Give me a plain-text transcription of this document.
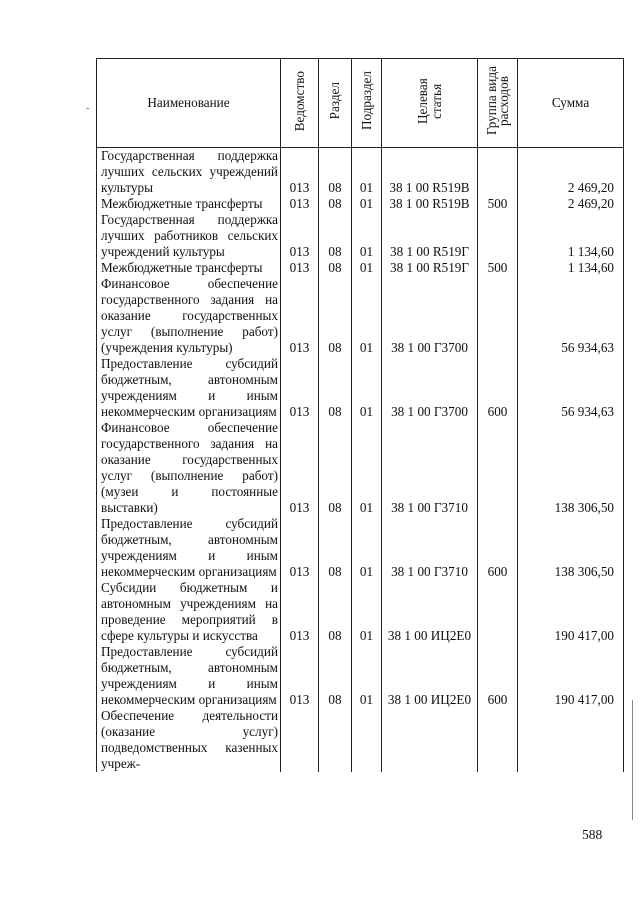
Наименование	Ведомство	Раздел	Подраздел	Целевая статья	Группа вида расходов	Сумма
Государственная поддержка лучших сельских учреждений культуры	013	08	01	38 1 00 R519В		2 469,20
Межбюджетные трансферты	013	08	01	38 1 00 R519В	500	2 469,20
Государственная поддержка лучших работников сельских учреждений культуры	013	08	01	38 1 00 R519Г		1 134,60
Межбюджетные трансферты	013	08	01	38 1 00 R519Г	500	1 134,60
Финансовое обеспечение государственного задания на оказание государственных услуг (выполнение работ) (учреждения культуры)	013	08	01	38 1 00 Г3700		56 934,63
Предоставление субсидий бюджетным, автономным учреждениям и иным некоммерческим организациям	013	08	01	38 1 00 Г3700	600	56 934,63
Финансовое обеспечение государственного задания на оказание государственных услуг (выполнение работ) (музеи и постоянные выставки)	013	08	01	38 1 00 Г3710		138 306,50
Предоставление субсидий бюджетным, автономным учреждениям и иным некоммерческим организациям	013	08	01	38 1 00 Г3710	600	138 306,50
Субсидии бюджетным и автономным учреждениям на проведение мероприятий в сфере культуры и искусства	013	08	01	38 1 00 ИЦ2Е0		190 417,00
Предоставление субсидий бюджетным, автономным учреждениям и иным некоммерческим организациям	013	08	01	38 1 00 ИЦ2Е0	600	190 417,00
Обеспечение деятельности (оказание услуг) подведомственных казенных учреж-						
588
